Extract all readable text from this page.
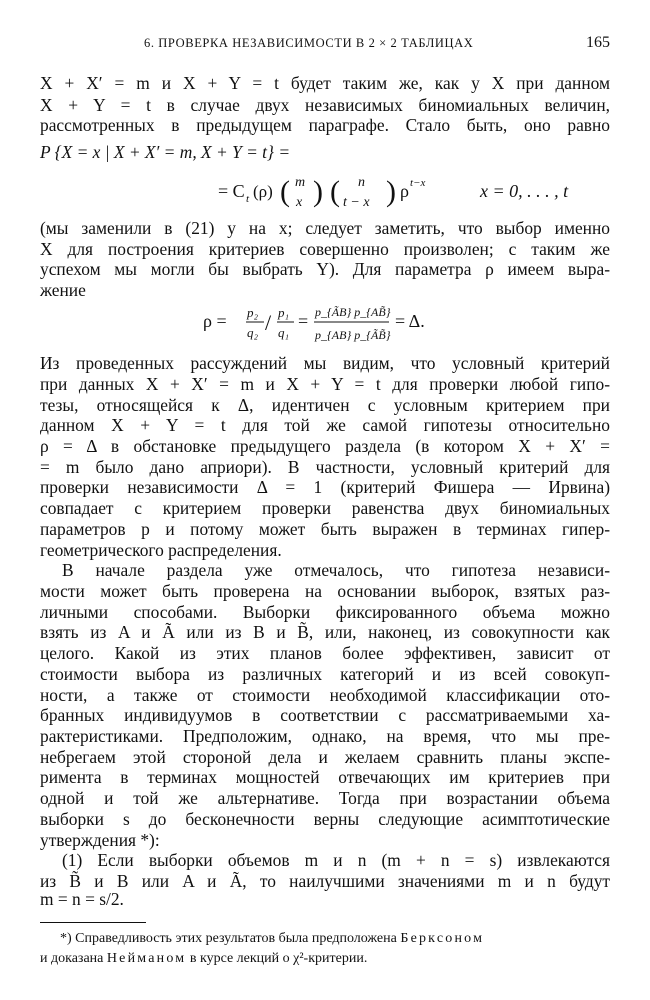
6. ПРОВЕРКА НЕЗАВИСИМОСТИ В 2 × 2 ТАБЛИЦАХ	165
X + X′ = m и X + Y = t будет таким же, как у X при данном
X + Y = t в случае двух независимых биномиальных величин,
рассмотренных в предыдущем параграфе. Стало быть, оно равно
P {X = x | X + X′ = m, X + Y = t} =
= C t (ρ) ( m
x ) ( n
t − x ) ρ t−x	x = 0, . . . , t
(мы заменили в (21) y на x; следует заметить, что выбор именно
X для построения критериев совершенно произволен; с таким же
успехом мы могли бы выбрать Y). Для параметра ρ имеем выра-
жение
ρ = p₂
q₂ / p₁
q₁
= p_{ÃB} p_{AB̃}
p_{AB} p_{ÃB̃}
= Δ.
Из проведенных рассуждений мы видим, что условный критерий
при данных X + X′ = m и X + Y = t для проверки любой гипо-
тезы, относящейся к Δ, идентичен с условным критерием при
данном X + Y = t для той же самой гипотезы относительно
ρ = Δ в обстановке предыдущего раздела (в котором X + X′ =
= m было дано априори). В частности, условный критерий для
проверки независимости Δ = 1 (критерий Фишера — Ирвина)
совпадает с критерием проверки равенства двух биномиальных
параметров p и потому может быть выражен в терминах гипер-
геометрического распределения.
В начале раздела уже отмечалось, что гипотеза независи-
мости может быть проверена на основании выборок, взятых раз-
личными способами. Выборки фиксированного объема можно
взять из A и Ã или из B и B̃, или, наконец, из совокупности как
целого. Какой из этих планов более эффективен, зависит от
стоимости выбора из различных категорий и из всей совокуп-
ности, а также от стоимости необходимой классификации ото-
бранных индивидуумов в соответствии с рассматриваемыми ха-
рактеристиками. Предположим, однако, на время, что мы пре-
небрегаем этой стороной дела и желаем сравнить планы экспе-
римента в терминах мощностей отвечающих им критериев при
одной и той же альтернативе. Тогда при возрастании объема
выборки s до бесконечности верны следующие асимптотические
утверждения *):
(1) Если выборки объемов m и n (m + n = s) извлекаются
из B̃ и B или A и Ã, то наилучшими значениями m и n будут
m = n = s/2.
*) Справедливость этих результатов была предположена Берксоном
и доказана Нейманом в курсе лекций о χ²-критерии.
